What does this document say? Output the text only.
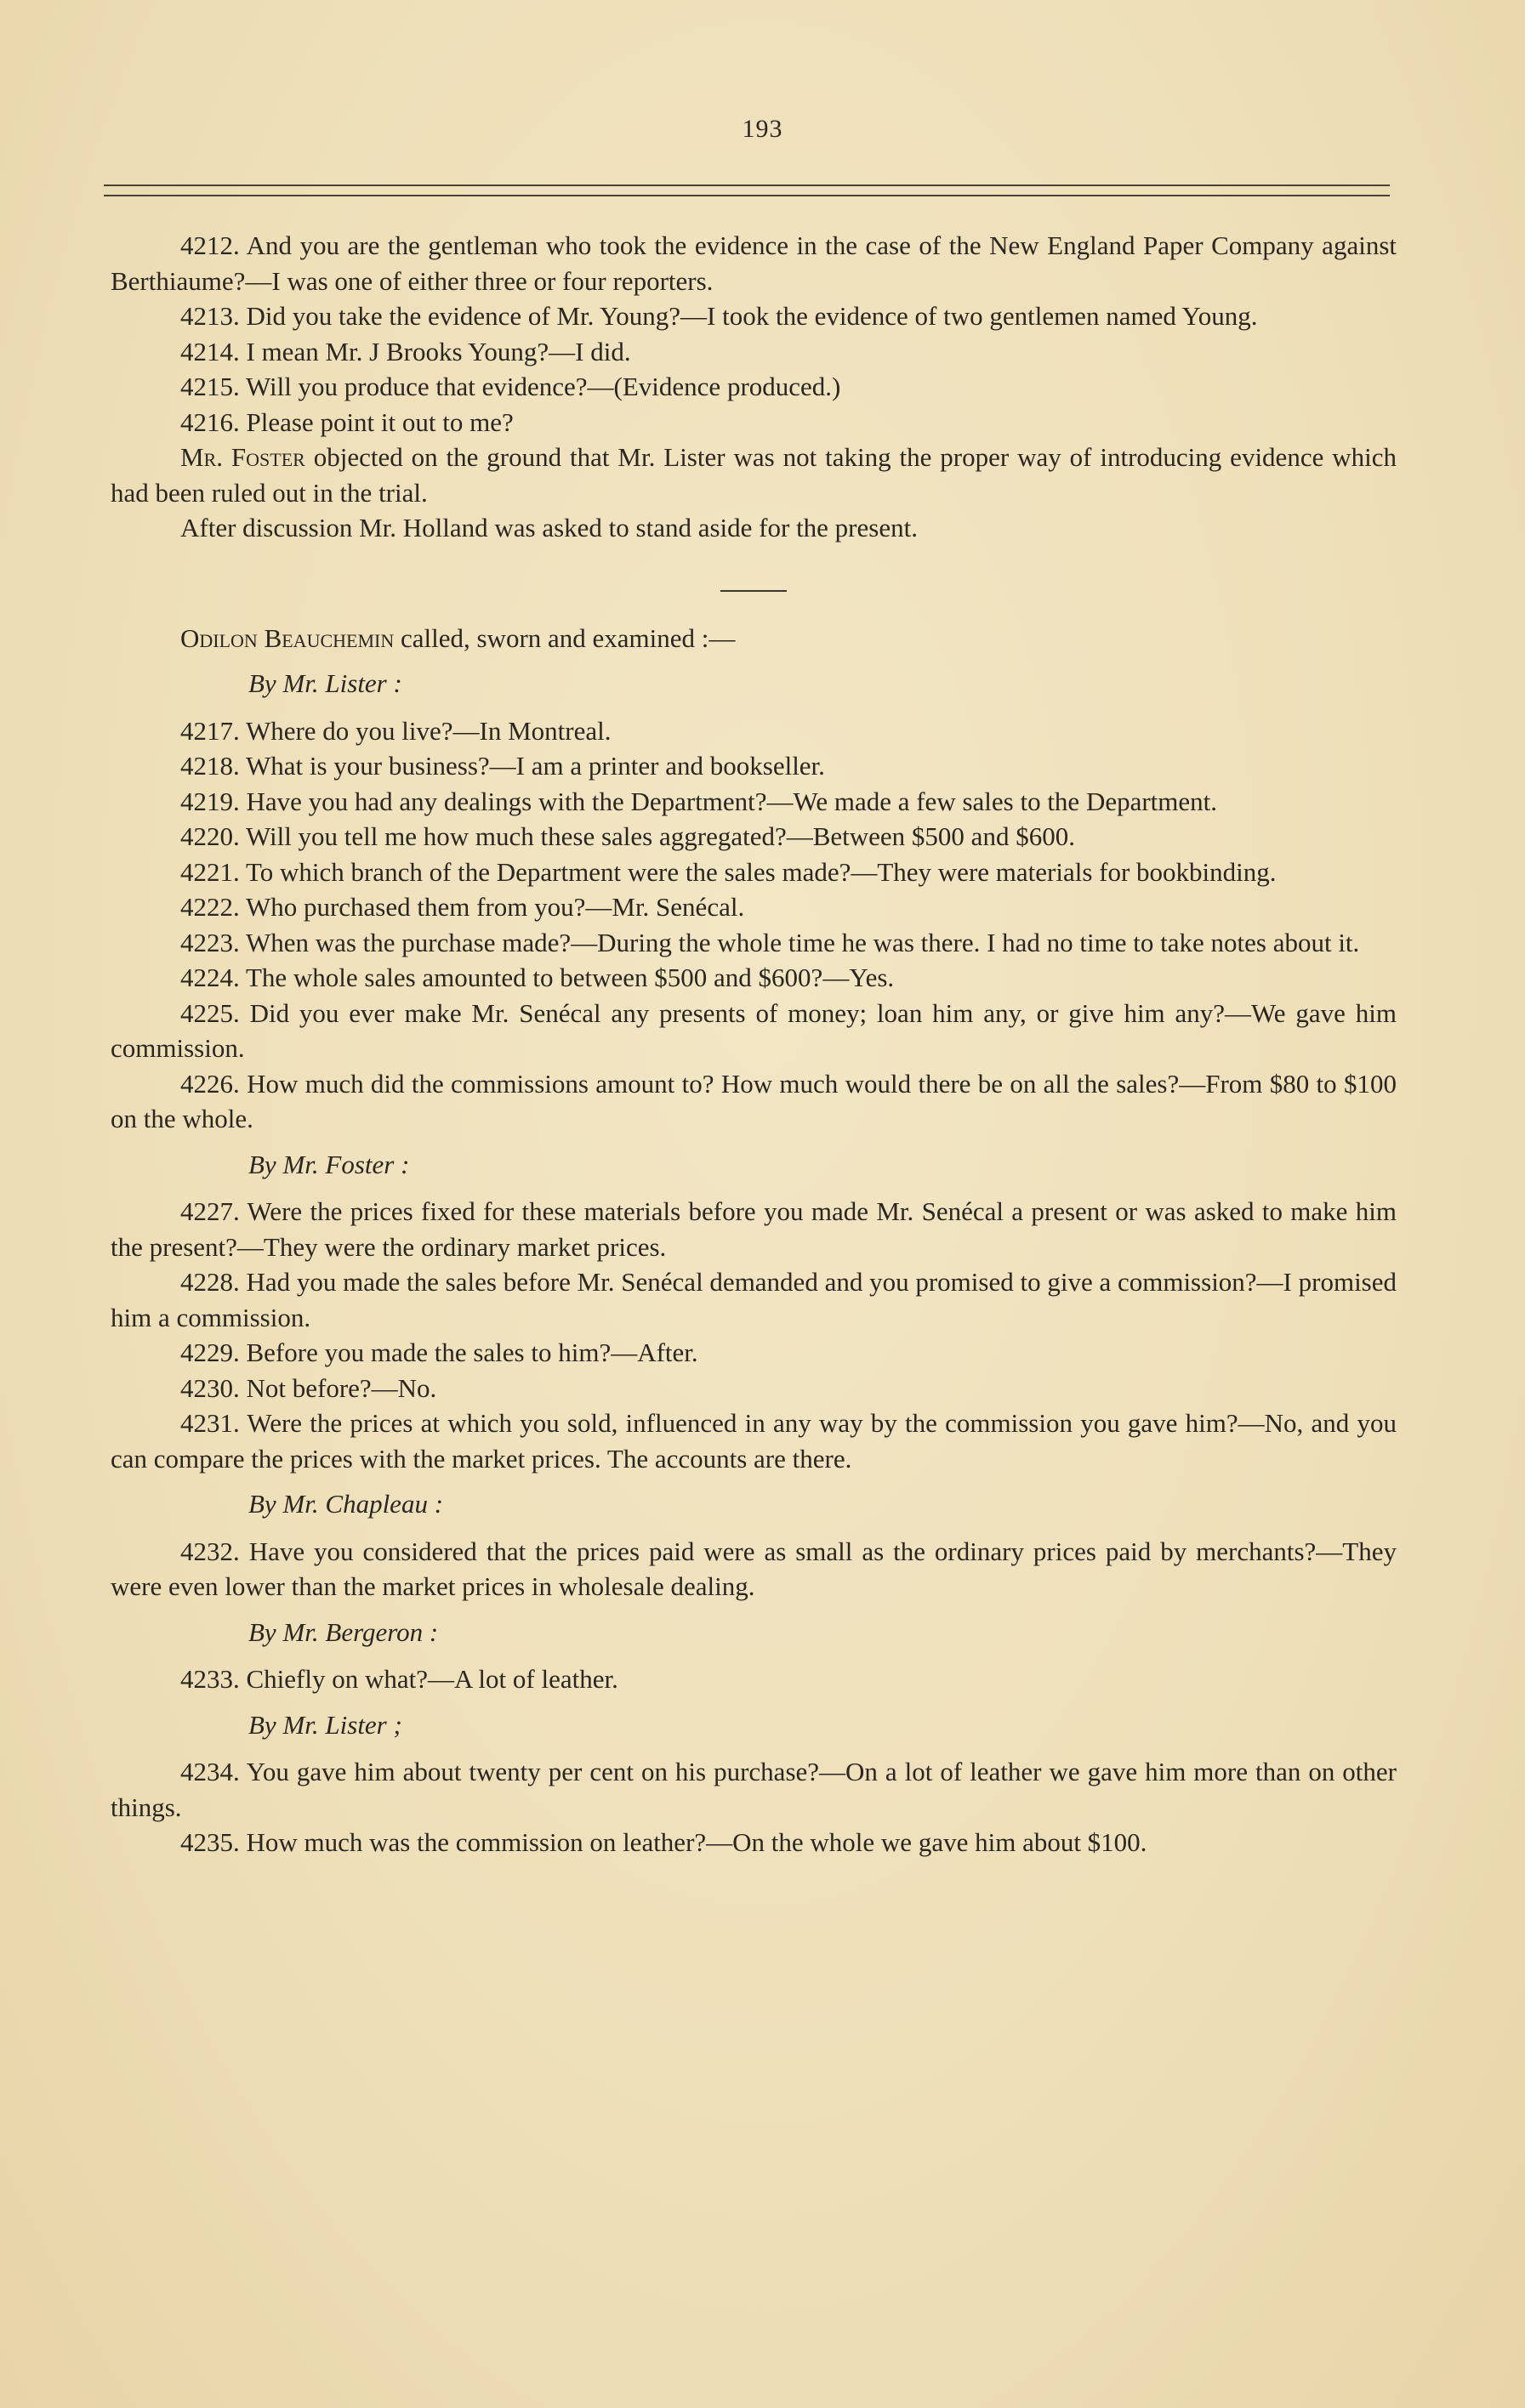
193

4212. And you are the gentleman who took the evidence in the case of the New England Paper Company against Berthiaume?—I was one of either three or four reporters.

4213. Did you take the evidence of Mr. Young?—I took the evidence of two gentlemen named Young.

4214. I mean Mr. J Brooks Young?—I did.

4215. Will you produce that evidence?—(Evidence produced.)

4216. Please point it out to me?

Mr. Foster objected on the ground that Mr. Lister was not taking the proper way of introducing evidence which had been ruled out in the trial.

After discussion Mr. Holland was asked to stand aside for the present.

Odilon Beauchemin called, sworn and examined :—

By Mr. Lister :

4217. Where do you live?—In Montreal.

4218. What is your business?—I am a printer and bookseller.

4219. Have you had any dealings with the Department?—We made a few sales to the Department.

4220. Will you tell me how much these sales aggregated?—Between $500 and $600.

4221. To which branch of the Department were the sales made?—They were materials for bookbinding.

4222. Who purchased them from you?—Mr. Senécal.

4223. When was the purchase made?—During the whole time he was there. I had no time to take notes about it.

4224. The whole sales amounted to between $500 and $600?—Yes.

4225. Did you ever make Mr. Senécal any presents of money; loan him any, or give him any?—We gave him commission.

4226. How much did the commissions amount to? How much would there be on all the sales?—From $80 to $100 on the whole.

By Mr. Foster :

4227. Were the prices fixed for these materials before you made Mr. Senécal a present or was asked to make him the present?—They were the ordinary market prices.

4228. Had you made the sales before Mr. Senécal demanded and you promised to give a commission?—I promised him a commission.

4229. Before you made the sales to him?—After.

4230. Not before?—No.

4231. Were the prices at which you sold, influenced in any way by the commission you gave him?—No, and you can compare the prices with the market prices. The accounts are there.

By Mr. Chapleau :

4232. Have you considered that the prices paid were as small as the ordinary prices paid by merchants?—They were even lower than the market prices in wholesale dealing.

By Mr. Bergeron :

4233. Chiefly on what?—A lot of leather.

By Mr. Lister ;

4234. You gave him about twenty per cent on his purchase?—On a lot of leather we gave him more than on other things.

4235. How much was the commission on leather?—On the whole we gave him about $100.
